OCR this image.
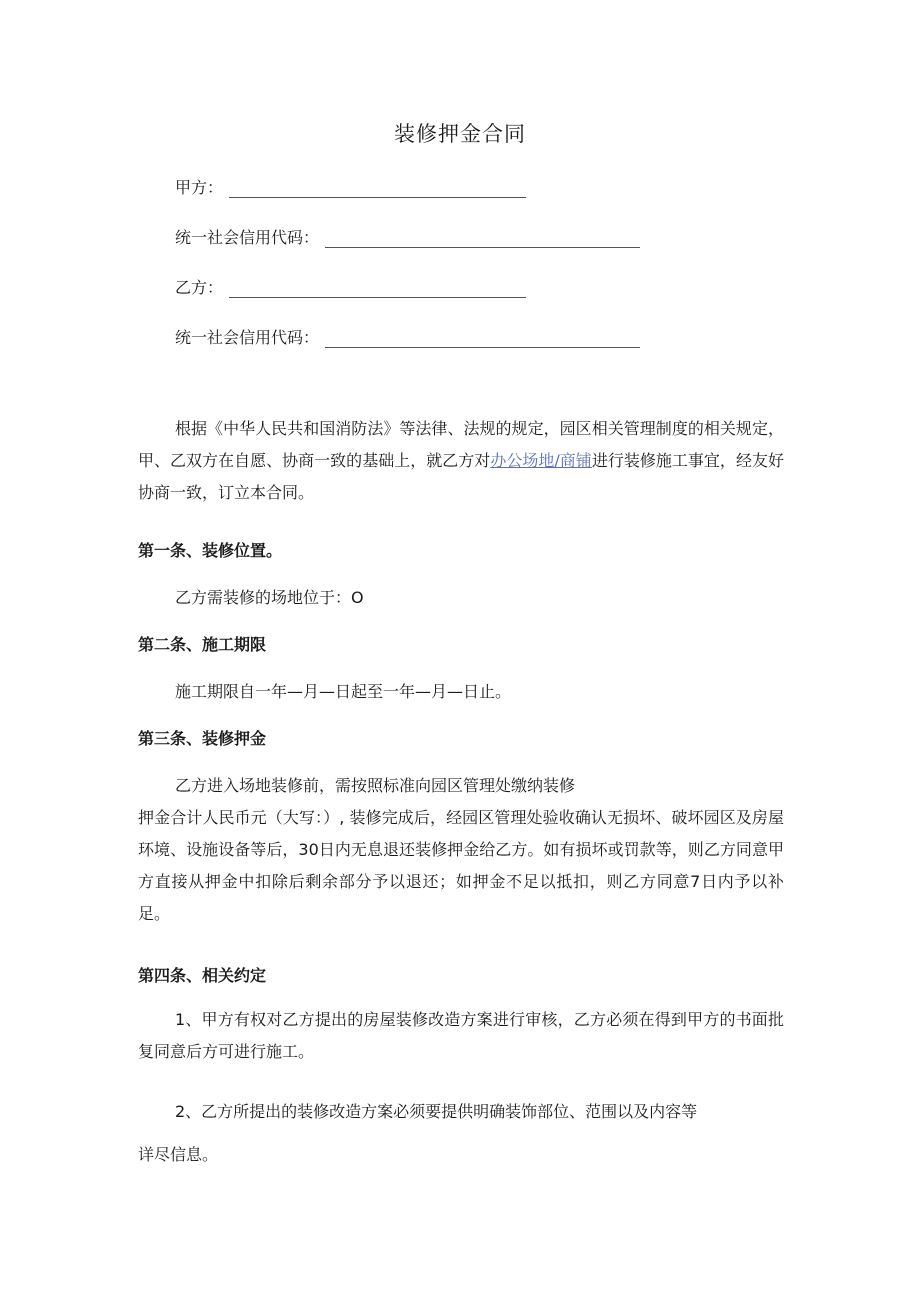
装修押金合同
甲方：
统一社会信用代码：
乙方：
统一社会信用代码：
根据《中华人民共和国消防法》等法律、法规的规定，园区相关管理制度的相关规定，甲、乙双方在自愿、协商一致的基础上，就乙方对办公场地/商铺进行装修施工事宜，经友好协商一致，订立本合同。
第一条、装修位置。
乙方需装修的场地位于：O
第二条、施工期限
施工期限自一年—月—日起至一年—月—日止。
第三条、装修押金
乙方进入场地装修前，需按照标准向园区管理处缴纳装修
押金合计人民币元（大写：）, 装修完成后，经园区管理处验收确认无损坏、破坏园区及房屋环境、设施设备等后，30日内无息退还装修押金给乙方。如有损坏或罚款等，则乙方同意甲方直接从押金中扣除后剩余部分予以退还；如押金不足以抵扣，则乙方同意7日内予以补足。
第四条、相关约定
1、甲方有权对乙方提出的房屋装修改造方案进行审核，乙方必须在得到甲方的书面批复同意后方可进行施工。
2、乙方所提出的装修改造方案必须要提供明确装饰部位、范围以及内容等
详尽信息。
